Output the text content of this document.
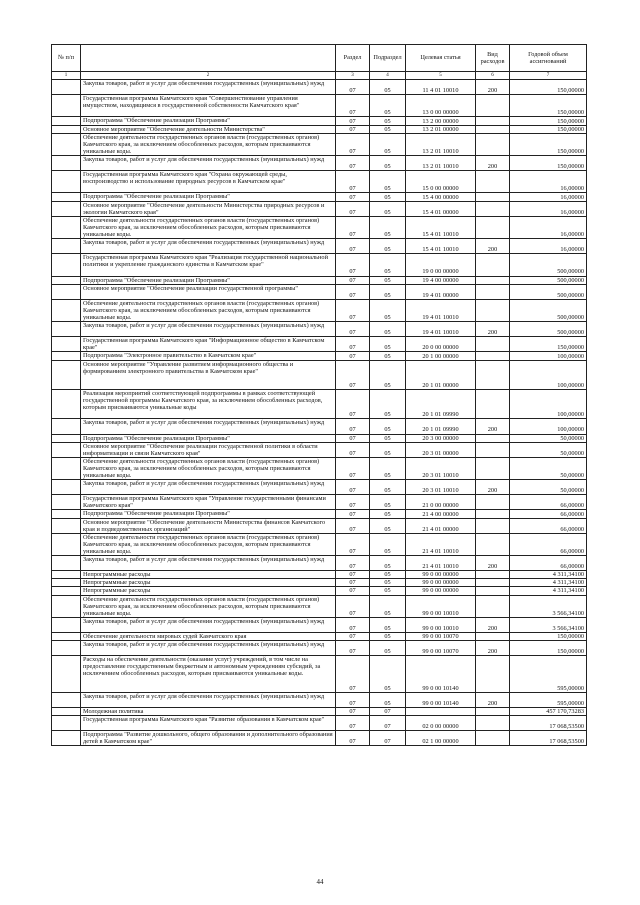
№ п/п		Раздел	Подраздел	Целевая статья	Вид расходов	Годовой объем ассигнований
1	2	3	4	5	6	7
	Закупка товаров, работ и услуг для обеспечения государственных (муниципальных) нужд	07	05	11 4 01 10010	200	150,00000
	Государственная программа Камчатского края "Совершенствование управления имуществом, находящимся в государственной собственности Камчатского края"	07	05	13 0 00 00000		150,00000
	Подпрограмма "Обеспечение реализации Программы"	07	05	13 2 00 00000		150,00000
	Основное мероприятие "Обеспечение деятельности Министерства"	07	05	13 2 01 00000		150,00000
	Обеспечение деятельности государственных органов власти (государственных органов) Камчатского края, за исключением обособленных расходов, которым присваиваются уникальные коды.	07	05	13 2 01 10010		150,00000
	Закупка товаров, работ и услуг для обеспечения государственных (муниципальных) нужд	07	05	13 2 01 10010	200	150,00000
	Государственная программа Камчатского края "Охрана окружающей среды, воспроизводство и использование природных ресурсов в Камчатском крае"	07	05	15 0 00 00000		16,00000
	Подпрограмма "Обеспечение реализации Программы"	07	05	15 4 00 00000		16,00000
	Основное мероприятие "Обеспечение деятельности Министерства природных ресурсов и экологии Камчатского края"	07	05	15 4 01 00000		16,00000
	Обеспечение деятельности государственных органов власти (государственных органов) Камчатского края, за исключением обособленных расходов, которым присваиваются уникальные коды.	07	05	15 4 01 10010		16,00000
	Закупка товаров, работ и услуг для обеспечения государственных (муниципальных) нужд	07	05	15 4 01 10010	200	16,00000
	Государственная программа Камчатского края "Реализация государственной национальной политики и укрепление гражданского единства в Камчатском крае"	07	05	19 0 00 00000		500,00000
	Подпрограмма "Обеспечение реализации Программы"	07	05	19 4 00 00000		500,00000
	Основное мероприятие "Обеспечение реализации государственной программы"	07	05	19 4 01 00000		500,00000
	Обеспечение деятельности государственных органов власти (государственных органов) Камчатского края, за исключением обособленных расходов, которым присваиваются уникальные коды.	07	05	19 4 01 10010		500,00000
	Закупка товаров, работ и услуг для обеспечения государственных (муниципальных) нужд	07	05	19 4 01 10010	200	500,00000
	Государственная программа Камчатского края "Информационное общество в Камчатском крае"	07	05	20 0 00 00000		150,00000
	Подпрограмма "Электронное правительство в Камчатском крае"	07	05	20 1 00 00000		100,00000
	Основное мероприятие "Управление развитием информационного общества и формированием электронного правительства в Камчатском крае"	07	05	20 1 01 00000		100,00000
	Реализация мероприятий соответствующей подпрограммы в рамках соответствующей государственной программы Камчатского края, за исключением обособленных расходов, которым присваиваются уникальные коды	07	05	20 1 01 09990		100,00000
	Закупка товаров, работ и услуг для обеспечения государственных (муниципальных) нужд	07	05	20 1 01 09990	200	100,00000
	Подпрограмма "Обеспечение реализации Программы"	07	05	20 3 00 00000		50,00000
	Основное мероприятие "Обеспечение реализации государственной политики в области информатизации и связи Камчатского края"	07	05	20 3 01 00000		50,00000
	Обеспечение деятельности государственных органов власти (государственных органов) Камчатского края, за исключением обособленных расходов, которым присваиваются уникальные коды.	07	05	20 3 01 10010		50,00000
	Закупка товаров, работ и услуг для обеспечения государственных (муниципальных) нужд	07	05	20 3 01 10010	200	50,00000
	Государственная программа Камчатского края "Управление государственными финансами Камчатского края"	07	05	21 0 00 00000		66,00000
	Подпрограмма "Обеспечение реализации Программы"	07	05	21 4 00 00000		66,00000
	Основное мероприятие "Обеспечение деятельности Министерства финансов Камчатского края и подведомственных организаций"	07	05	21 4 01 00000		66,00000
	Обеспечение деятельности государственных органов власти (государственных органов) Камчатского края, за исключением обособленных расходов, которым присваиваются уникальные коды.	07	05	21 4 01 10010		66,00000
	Закупка товаров, работ и услуг для обеспечения государственных (муниципальных) нужд	07	05	21 4 01 10010	200	66,00000
	Непрограммные расходы	07	05	99 0 00 00000		4 311,34100
	Непрограммные расходы	07	05	99 0 00 00000		4 311,34100
	Непрограммные расходы	07	05	99 0 00 00000		4 311,34100
	Обеспечение деятельности государственных органов власти (государственных органов) Камчатского края, за исключением обособленных расходов, которым присваиваются уникальные коды.	07	05	99 0 00 10010		3 566,34100
	Закупка товаров, работ и услуг для обеспечения государственных (муниципальных) нужд	07	05	99 0 00 10010	200	3 566,34100
	Обеспечение деятельности мировых судей Камчатского края	07	05	99 0 00 10070		150,00000
	Закупка товаров, работ и услуг для обеспечения государственных (муниципальных) нужд	07	05	99 0 00 10070	200	150,00000
	Расходы на обеспечение деятельности (оказание услуг) учреждений, в том числе на предоставление государственным бюджетным и автономным учреждениям субсидий, за исключением обособленных расходов, которым присваиваются уникальные коды.	07	05	99 0 00 10140		595,00000
	Закупка товаров, работ и услуг для обеспечения государственных (муниципальных) нужд	07	05	99 0 00 10140	200	595,00000
	Молодежная политика	07	07			457 170,73283
	Государственная программа Камчатского края "Развитие образования в Камчатском крае"	07	07	02 0 00 00000		17 068,53500
	Подпрограмма "Развитие дошкольного, общего образования и дополнительного образования детей в Камчатском крае"	07	07	02 1 00 00000		17 068,53500
44
